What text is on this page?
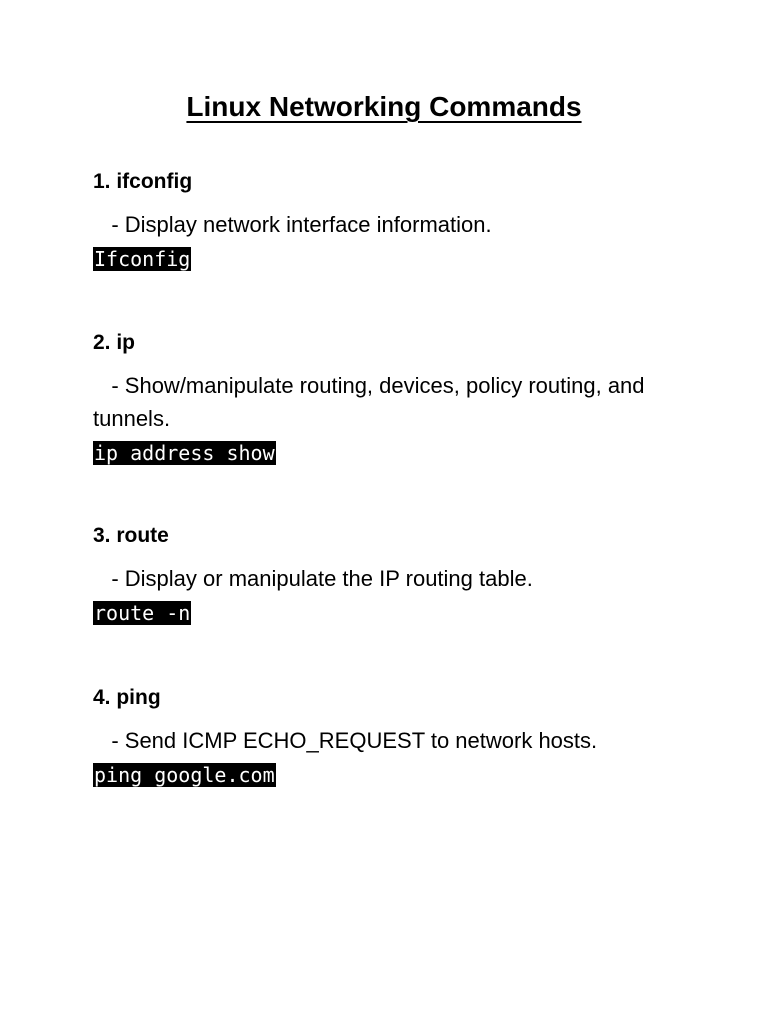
Linux Networking Commands
1. ifconfig
- Display network interface information.
Ifconfig
2. ip
- Show/manipulate routing, devices, policy routing, and tunnels.
ip address show
3. route
- Display or manipulate the IP routing table.
route -n
4. ping
- Send ICMP ECHO_REQUEST to network hosts.
ping google.com
